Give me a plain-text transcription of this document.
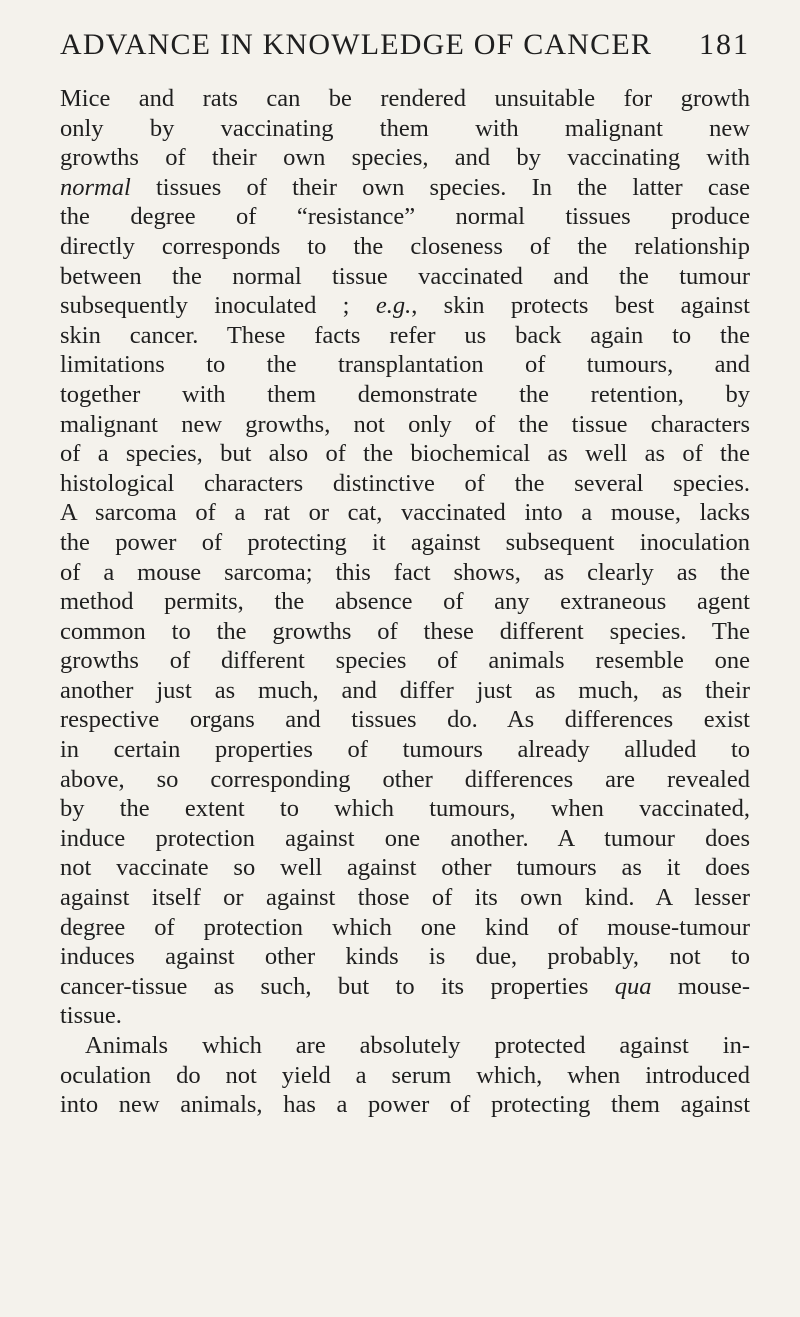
ADVANCE IN KNOWLEDGE OF CANCER 181
Mice and rats can be rendered unsuitable for growth
only by vaccinating them with malignant new
growths of their own species, and by vaccinating with
normal tissues of their own species. In the latter case
the degree of “resistance” normal tissues produce
directly corresponds to the closeness of the relationship
between the normal tissue vaccinated and the tumour
subsequently inoculated ; e.g., skin protects best against
skin cancer. These facts refer us back again to the
limitations to the transplantation of tumours, and
together with them demonstrate the retention, by
malignant new growths, not only of the tissue characters
of a species, but also of the biochemical as well as of the
histological characters distinctive of the several species.
A sarcoma of a rat or cat, vaccinated into a mouse, lacks
the power of protecting it against subsequent inoculation
of a mouse sarcoma; this fact shows, as clearly as the
method permits, the absence of any extraneous agent
common to the growths of these different species. The
growths of different species of animals resemble one
another just as much, and differ just as much, as their
respective organs and tissues do. As differences exist
in certain properties of tumours already alluded to
above, so corresponding other differences are revealed
by the extent to which tumours, when vaccinated,
induce protection against one another. A tumour does
not vaccinate so well against other tumours as it does
against itself or against those of its own kind. A lesser
degree of protection which one kind of mouse-tumour
induces against other kinds is due, probably, not to
cancer-tissue as such, but to its properties qua mouse-
tissue.
Animals which are absolutely protected against in-
oculation do not yield a serum which, when introduced
into new animals, has a power of protecting them against
